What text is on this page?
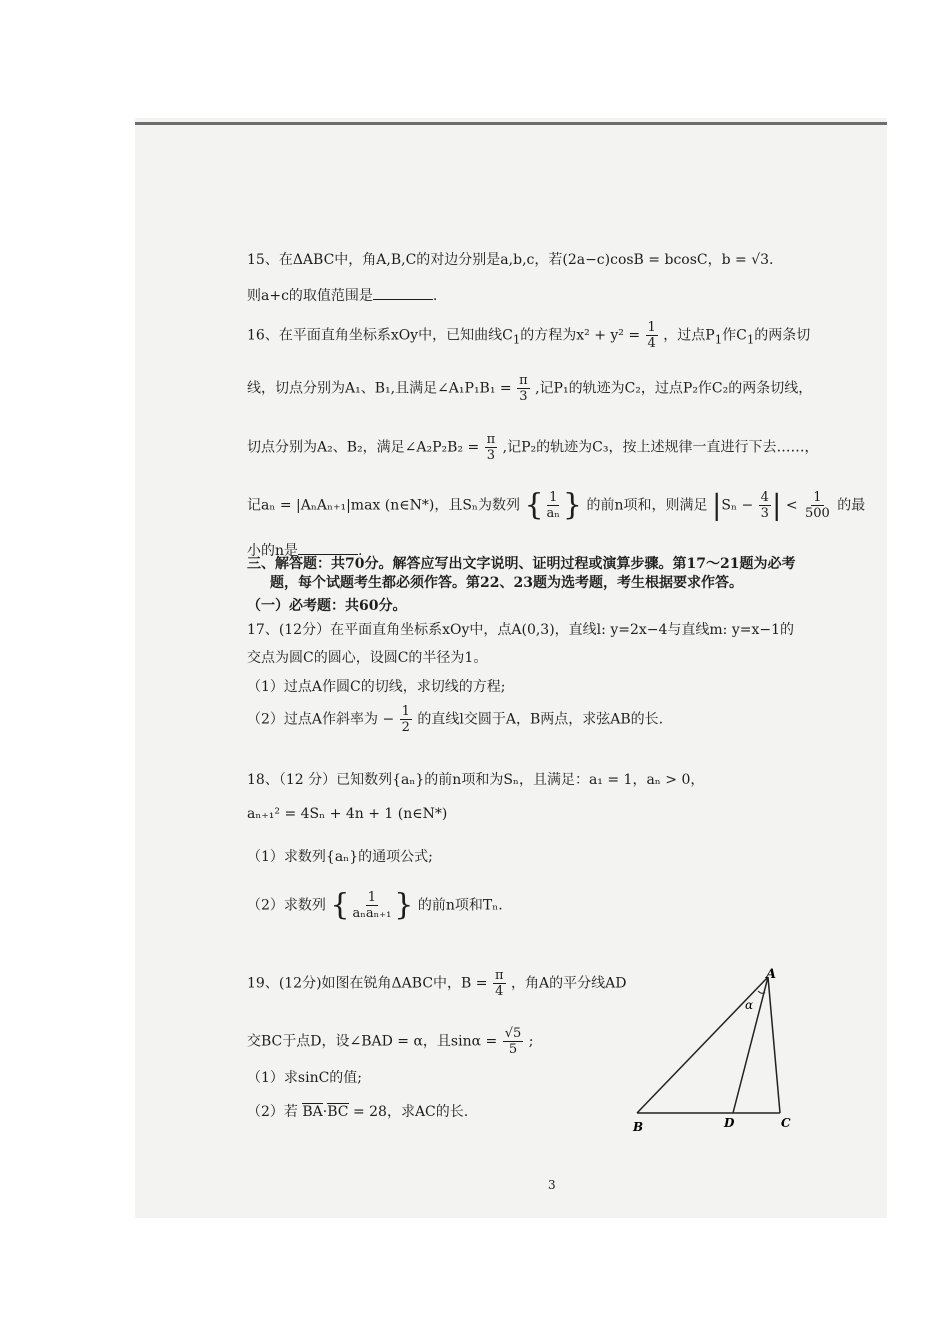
15、在ΔABC中，角A,B,C的对边分别是a,b,c，若(2a−c)cosB = bcosC，b = √3.
则a+c的取值范围是	.
16、在平面直角坐标系xOy中，已知曲线$C_1$的方程为$x^2 + y^2 = \frac{1}{4}$ ，过点$P_1$作$C_1$的两条切
线，切点分别为A₁、B₁,且满足∠A₁P₁B₁ = $\frac{\pi}{3}$ ,记P₁的轨迹为C₂，过点P₂作C₂的两条切线，
切点分别为A₂、B₂，满足∠A₂P₂B₂ = $\frac{\pi}{3}$ ,记P₂的轨迹为C₃，按上述规律一直进行下去……，
记aₙ = |AₙAₙ₊₁|max (n∈N*)，且Sₙ为数列 { $\frac{1}{\text{aₙ}}$ } 的前n项和，则满足 $|S_n - \frac{4}{3}$ | < $\frac{1}{500}$ 的最
小的n是	.
三、解答题：共70分。解答应写出文字说明、证明过程或演算步骤。第17～21题为必考
题，每个试题考生都必须作答。第22、23题为选考题，考生根据要求作答。
（一）必考题：共60分。
17、(12分）在平面直角坐标系xOy中，点A(0,3)，直线l: y=2x−4与直线m: y=x−1的
交点为圆C的圆心，设圆C的半径为1。
（1）过点A作圆C的切线，求切线的方程;
（2）过点A作斜率为 − $\frac{1}{2}$ 的直线l交圆于A，B两点，求弦AB的长.
18、（12 分）已知数列{aₙ}的前n项和为Sₙ，且满足：a₁ = 1，aₙ > 0，
aₙ₊₁² = 4Sₙ + 4n + 1 (n∈N*)
（1）求数列{aₙ}的通项公式;
（2）求数列 { $\frac{1}{\text{aₙaₙ₊₁}}$ } 的前n项和Tₙ.
19、(12分)如图在锐角ΔABC中，$B = \frac{\pi}{4}$ ，角A的平分线AD
交BC于点D，设∠BAD = α，且$\sin\alpha = \frac{√5}{5}$ ;
（1）求sinC的值;
（2）若 BA·BC = 28，求AC的长.
A
B	C
D
α
3
